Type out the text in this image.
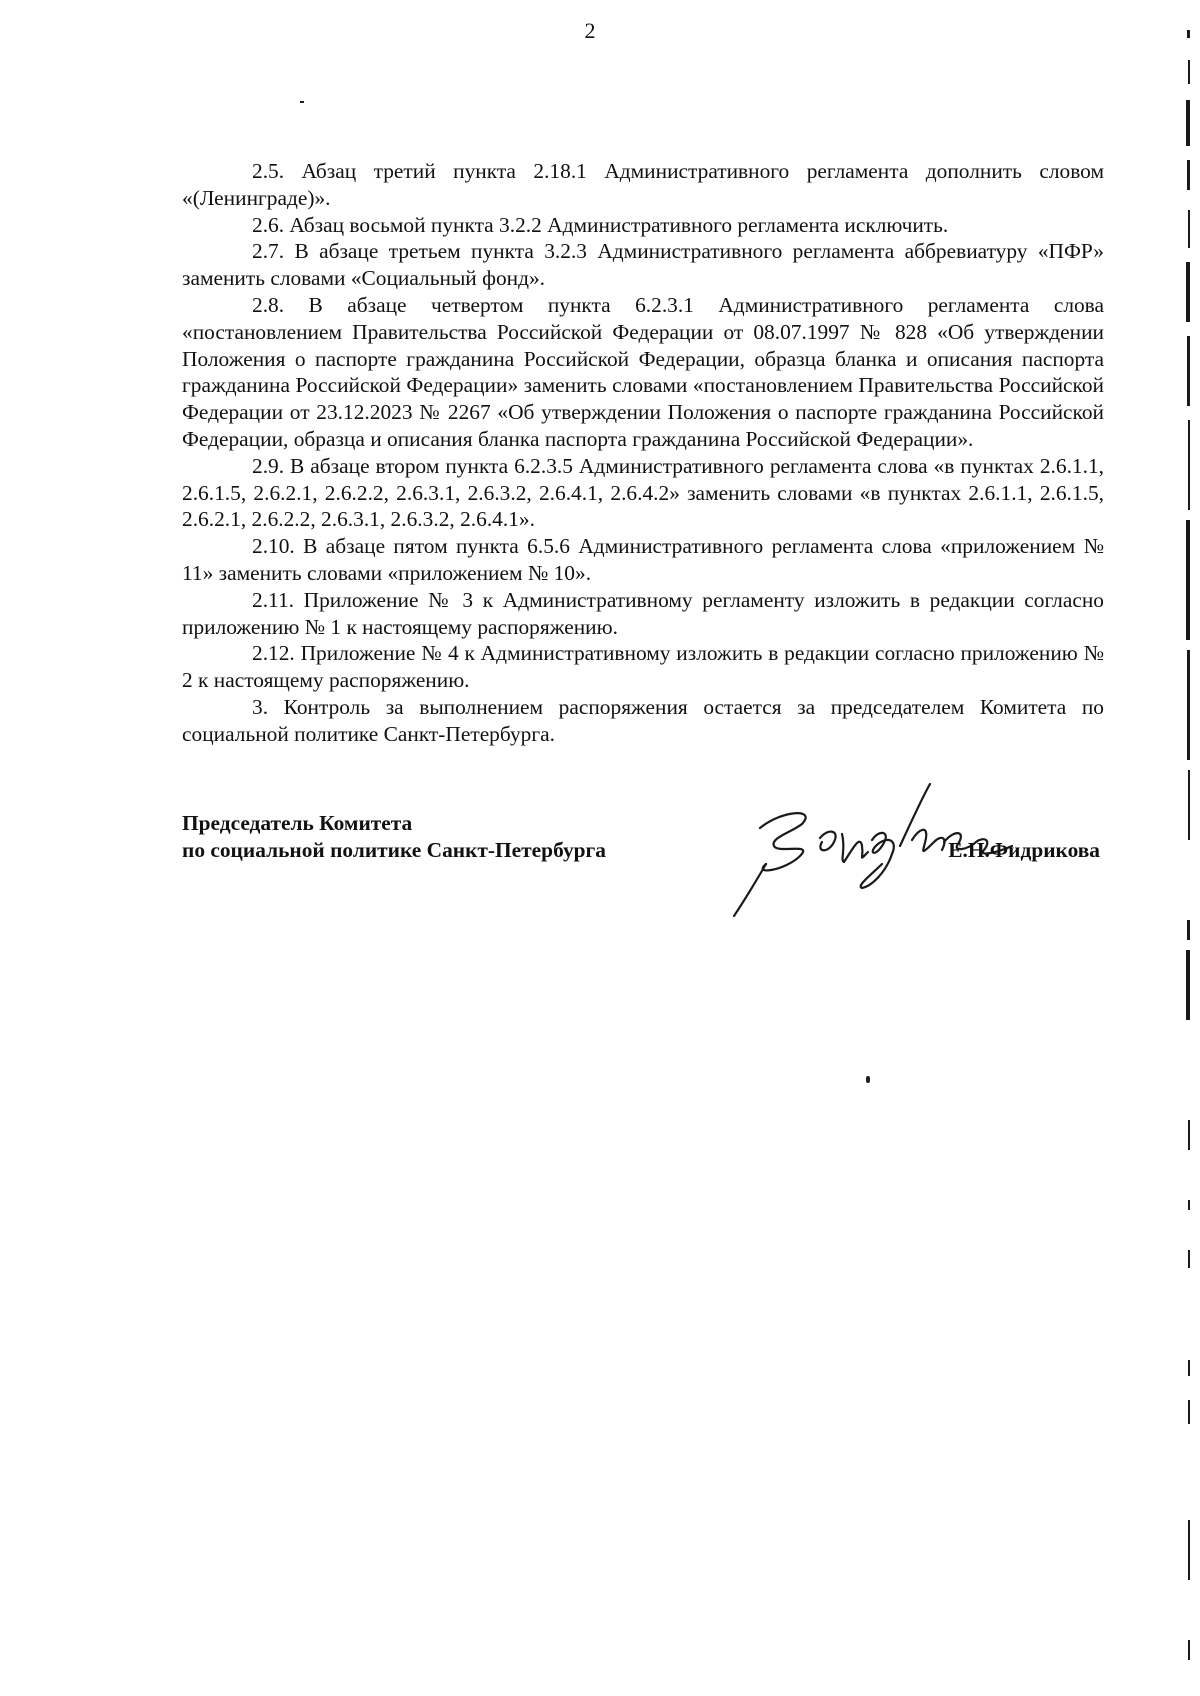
2

2.5. Абзац третий пункта 2.18.1 Административного регламента дополнить словом «(Ленинграде)».

2.6. Абзац восьмой пункта 3.2.2 Административного регламента исключить.

2.7. В абзаце третьем пункта 3.2.3 Административного регламента аббревиатуру «ПФР» заменить словами «Социальный фонд».

2.8. В абзаце четвертом пункта 6.2.3.1 Административного регламента слова «постановлением Правительства Российской Федерации от 08.07.1997 № 828 «Об утверждении Положения о паспорте гражданина Российской Федерации, образца бланка и описания паспорта гражданина Российской Федерации» заменить словами «постановлением Правительства Российской Федерации от 23.12.2023 № 2267 «Об утверждении Положения о паспорте гражданина Российской Федерации, образца и описания бланка паспорта гражданина Российской Федерации».

2.9. В абзаце втором пункта 6.2.3.5 Административного регламента слова «в пунктах 2.6.1.1, 2.6.1.5, 2.6.2.1, 2.6.2.2, 2.6.3.1, 2.6.3.2, 2.6.4.1, 2.6.4.2» заменить словами «в пунктах 2.6.1.1, 2.6.1.5, 2.6.2.1, 2.6.2.2, 2.6.3.1, 2.6.3.2, 2.6.4.1».

2.10. В абзаце пятом пункта 6.5.6 Административного регламента слова «приложением № 11» заменить словами «приложением № 10».

2.11. Приложение № 3 к Административному регламенту изложить в редакции согласно приложению № 1 к настоящему распоряжению.

2.12. Приложение № 4 к Административному изложить в редакции согласно приложению № 2 к настоящему распоряжению.

3. Контроль за выполнением распоряжения остается за председателем Комитета по социальной политике Санкт-Петербурга.

Председатель Комитета
по социальной политике Санкт-Петербурга	Е.Н.Фидрикова
